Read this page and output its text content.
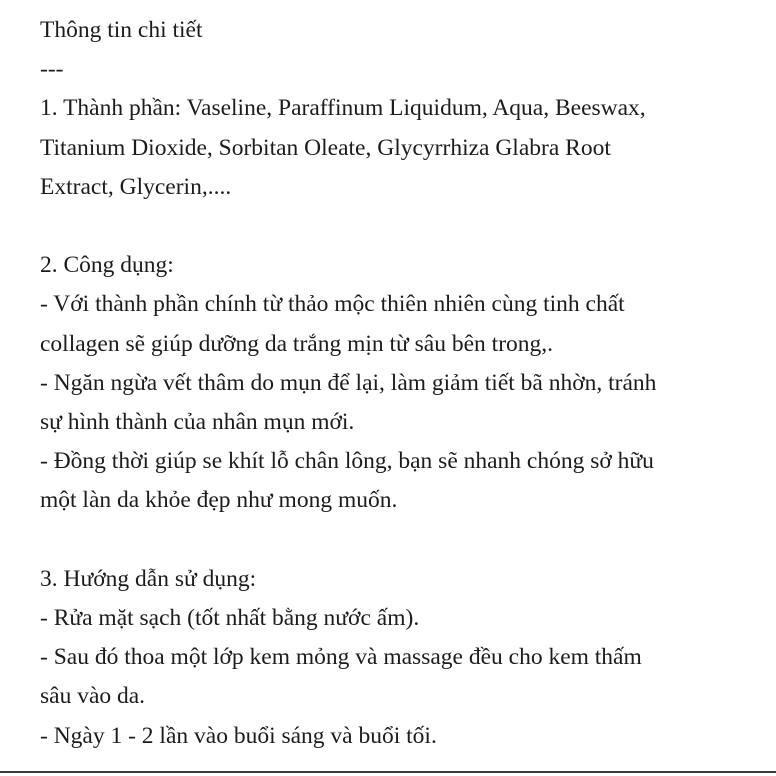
Thông tin chi tiết
---
1. Thành phần: Vaseline, Paraffinum Liquidum, Aqua, Beeswax,
Titanium Dioxide, Sorbitan Oleate, Glycyrrhiza Glabra Root
Extract, Glycerin,....
2. Công dụng:
- Với thành phần chính từ thảo mộc thiên nhiên cùng tinh chất
collagen sẽ giúp dưỡng da trắng mịn từ sâu bên trong,.
- Ngăn ngừa vết thâm do mụn để lại, làm giảm tiết bã nhờn, tránh
sự hình thành của nhân mụn mới.
- Đồng thời giúp se khít lỗ chân lông, bạn sẽ nhanh chóng sở hữu
một làn da khỏe đẹp như mong muốn.
3. Hướng dẫn sử dụng:
- Rửa mặt sạch (tốt nhất bằng nước ấm).
- Sau đó thoa một lớp kem mỏng và massage đều cho kem thấm
sâu vào da.
- Ngày 1 - 2 lần vào buổi sáng và buổi tối.
